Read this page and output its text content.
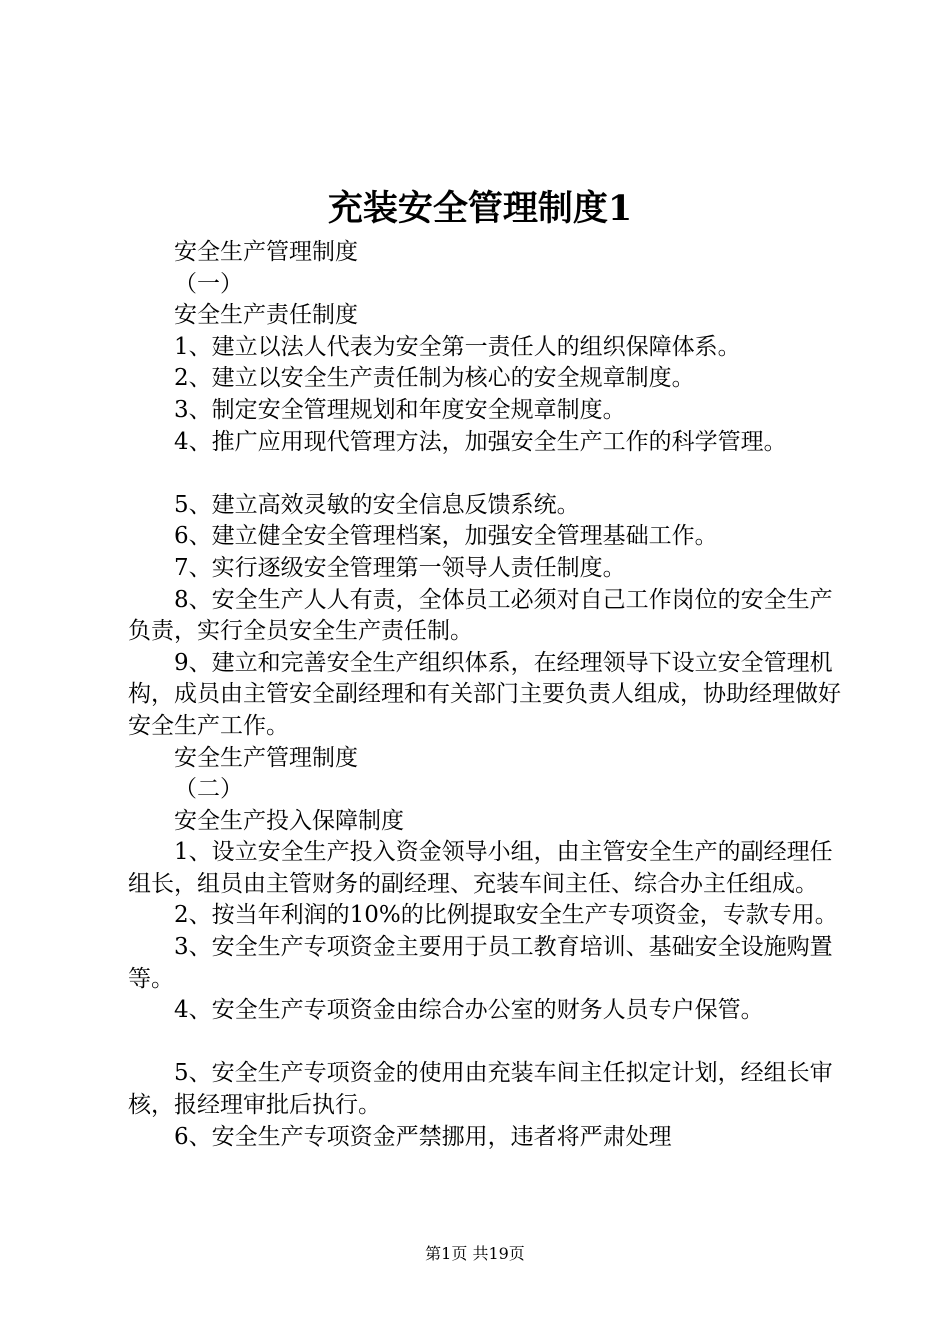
充装安全管理制度1

安全生产管理制度

（一）

安全生产责任制度

1、建立以法人代表为安全第一责任人的组织保障体系。

2、建立以安全生产责任制为核心的安全规章制度。

3、制定安全管理规划和年度安全规章制度。

4、推广应用现代管理方法，加强安全生产工作的科学管理。

5、建立高效灵敏的安全信息反馈系统。

6、建立健全安全管理档案，加强安全管理基础工作。

7、实行逐级安全管理第一领导人责任制度。

8、安全生产人人有责，全体员工必须对自己工作岗位的安全生产负责，实行全员安全生产责任制。

9、建立和完善安全生产组织体系，在经理领导下设立安全管理机构，成员由主管安全副经理和有关部门主要负责人组成，协助经理做好安全生产工作。

安全生产管理制度

（二）

安全生产投入保障制度

1、设立安全生产投入资金领导小组，由主管安全生产的副经理任组长，组员由主管财务的副经理、充装车间主任、综合办主任组成。

2、按当年利润的10%的比例提取安全生产专项资金，专款专用。

3、安全生产专项资金主要用于员工教育培训、基础安全设施购置等。

4、安全生产专项资金由综合办公室的财务人员专户保管。

5、安全生产专项资金的使用由充装车间主任拟定计划，经组长审核，报经理审批后执行。

6、安全生产专项资金严禁挪用，违者将严肃处理

第1页 共19页
